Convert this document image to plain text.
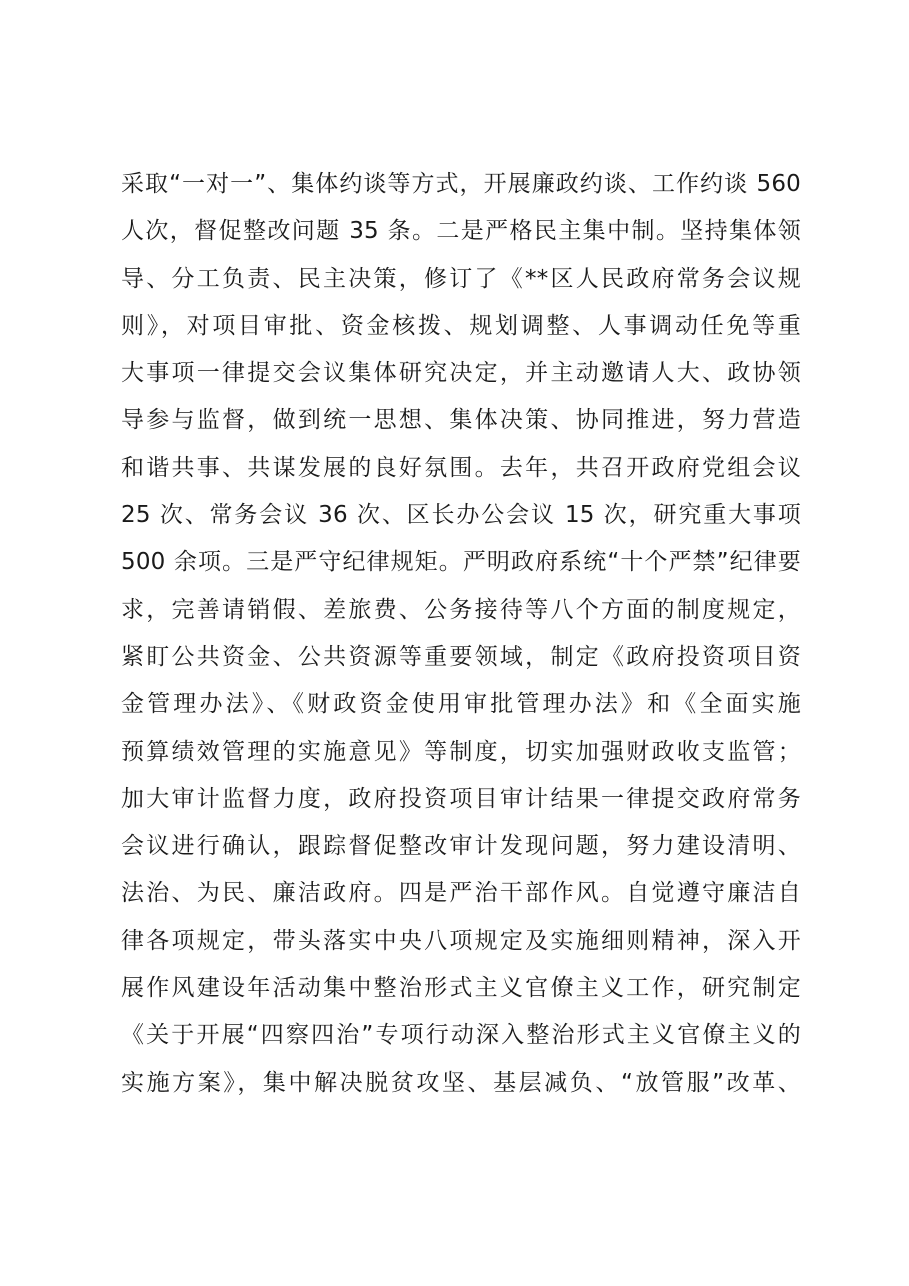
采取“一对一”、集体约谈等方式，开展廉政约谈、工作约谈 560
人次，督促整改问题 35 条。二是严格民主集中制。坚持集体领
导、分工负责、民主决策，修订了《**区人民政府常务会议规
则》，对项目审批、资金核拨、规划调整、人事调动任免等重
大事项一律提交会议集体研究决定，并主动邀请人大、政协领
导参与监督，做到统一思想、集体决策、协同推进，努力营造
和谐共事、共谋发展的良好氛围。去年，共召开政府党组会议
25 次、常务会议 36 次、区长办公会议 15 次，研究重大事项
500 余项。三是严守纪律规矩。严明政府系统“十个严禁”纪律要
求，完善请销假、差旅费、公务接待等八个方面的制度规定，
紧盯公共资金、公共资源等重要领域，制定《政府投资项目资
金管理办法》、《财政资金使用审批管理办法》和《全面实施
预算绩效管理的实施意见》等制度，切实加强财政收支监管；
加大审计监督力度，政府投资项目审计结果一律提交政府常务
会议进行确认，跟踪督促整改审计发现问题，努力建设清明、
法治、为民、廉洁政府。四是严治干部作风。自觉遵守廉洁自
律各项规定，带头落实中央八项规定及实施细则精神，深入开
展作风建设年活动集中整治形式主义官僚主义工作，研究制定
《关于开展“四察四治”专项行动深入整治形式主义官僚主义的
实施方案》，集中解决脱贫攻坚、基层减负、“放管服”改革、
